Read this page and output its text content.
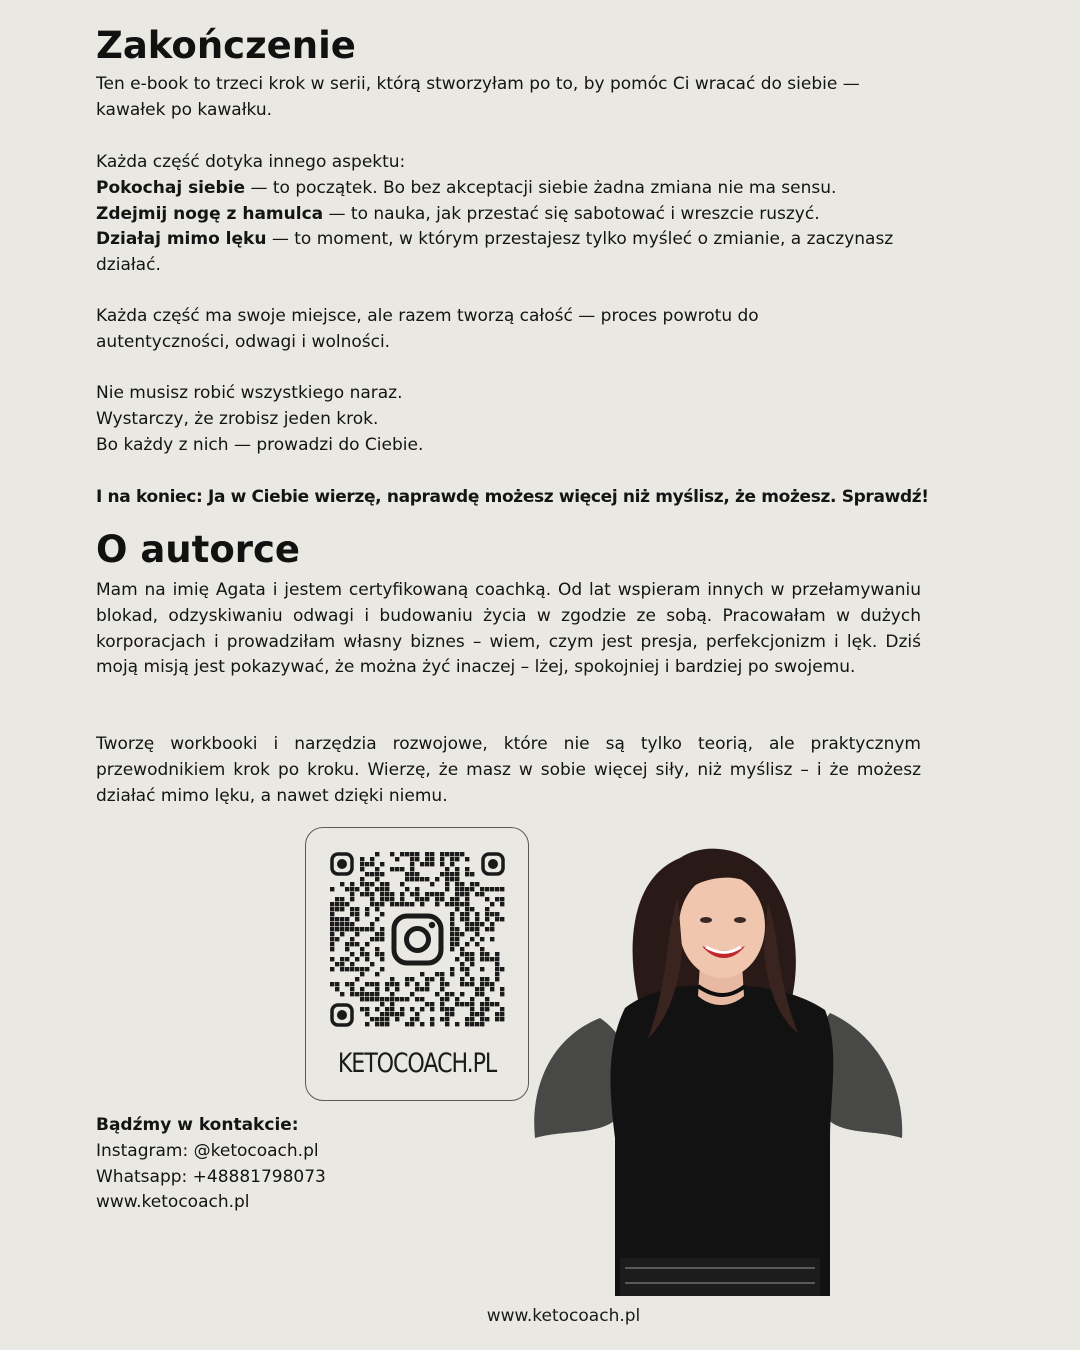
Zakończenie

Ten e-book to trzeci krok w serii, którą stworzyłam po to, by pomóc Ci wracać do siebie —
kawałek po kawałku.

Każda część dotyka innego aspektu:
Pokochaj siebie — to początek. Bo bez akceptacji siebie żadna zmiana nie ma sensu.
Zdejmij nogę z hamulca — to nauka, jak przestać się sabotować i wreszcie ruszyć.
Działaj mimo lęku — to moment, w którym przestajesz tylko myśleć o zmianie, a zaczynasz
działać.

Każda część ma swoje miejsce, ale razem tworzą całość — proces powrotu do
autentyczności, odwagi i wolności.

Nie musisz robić wszystkiego naraz.
Wystarczy, że zrobisz jeden krok.
Bo każdy z nich — prowadzi do Ciebie.

I na koniec: Ja w Ciebie wierzę, naprawdę możesz więcej niż myślisz, że możesz. Sprawdź!

O autorce

Mam na imię Agata i jestem certyfikowaną coachką. Od lat wspieram innych w przełamywaniu blokad, odzyskiwaniu odwagi i budowaniu życia w zgodzie ze sobą. Pracowałam w dużych korporacjach i prowadziłam własny biznes – wiem, czym jest presja, perfekcjonizm i lęk. Dziś moją misją jest pokazywać, że można żyć inaczej – lżej, spokojniej i bardziej po swojemu.

Tworzę workbooki i narzędzia rozwojowe, które nie są tylko teorią, ale praktycznym przewodnikiem krok po kroku. Wierzę, że masz w sobie więcej siły, niż myślisz – i że możesz działać mimo lęku, a nawet dzięki niemu.

KETOCOACH.PL
Bądźmy w kontakcie:
Instagram: @ketocoach.pl
Whatsapp: +48881798073
www.ketocoach.pl
www.ketocoach.pl
